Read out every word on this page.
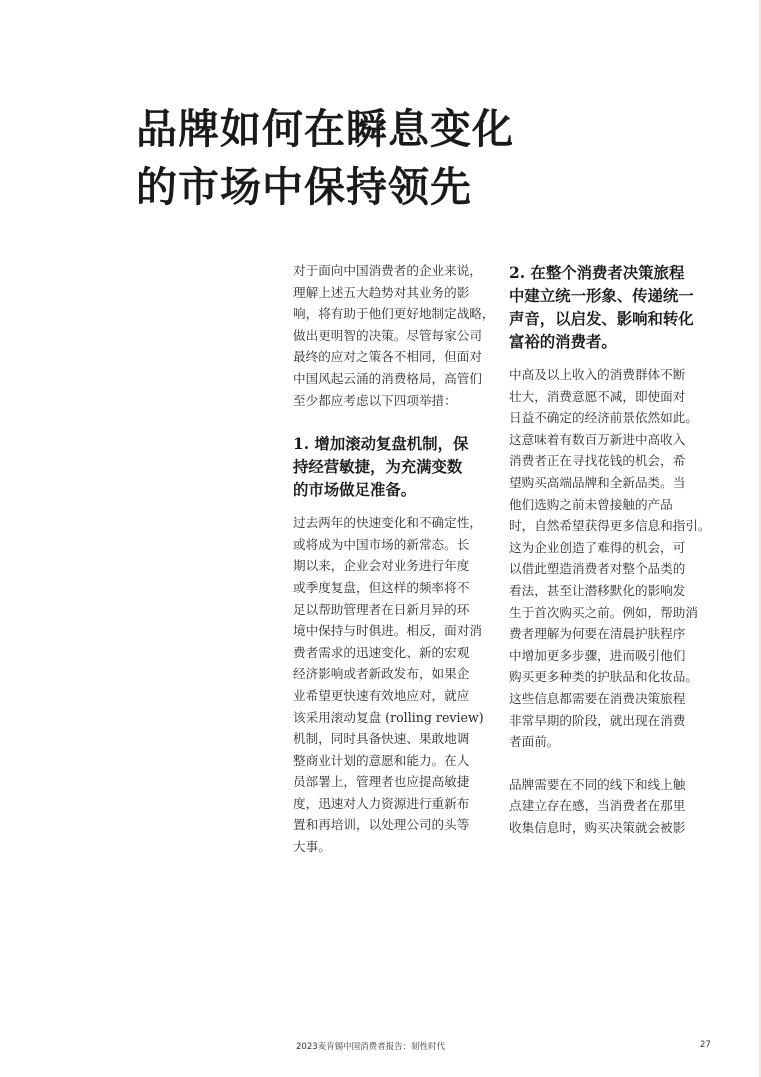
品牌如何在瞬息变化
的市场中保持领先

对于面向中国消费者的企业来说，
理解上述五大趋势对其业务的影
响，将有助于他们更好地制定战略，
做出更明智的决策。尽管每家公司
最终的应对之策各不相同，但面对
中国风起云涌的消费格局，高管们
至少都应考虑以下四项举措：

1. 增加滚动复盘机制，保
持经营敏捷，为充满变数
的市场做足准备。

过去两年的快速变化和不确定性，
或将成为中国市场的新常态。长
期以来，企业会对业务进行年度
或季度复盘，但这样的频率将不
足以帮助管理者在日新月异的环
境中保持与时俱进。相反，面对消
费者需求的迅速变化、新的宏观
经济影响或者新政发布，如果企
业希望更快速有效地应对，就应
该采用滚动复盘 (rolling review)
机制，同时具备快速、果敢地调
整商业计划的意愿和能力。在人
员部署上，管理者也应提高敏捷
度，迅速对人力资源进行重新布
置和再培训，以处理公司的头等
大事。

2. 在整个消费者决策旅程
中建立统一形象、传递统一
声音，以启发、影响和转化
富裕的消费者。

中高及以上收入的消费群体不断
壮大，消费意愿不减，即使面对
日益不确定的经济前景依然如此。
这意味着有数百万新进中高收入
消费者正在寻找花钱的机会，希
望购买高端品牌和全新品类。当
他们选购之前未曾接触的产品
时，自然希望获得更多信息和指引。
这为企业创造了难得的机会，可
以借此塑造消费者对整个品类的
看法，甚至让潜移默化的影响发
生于首次购买之前。例如，帮助消
费者理解为何要在清晨护肤程序
中增加更多步骤，进而吸引他们
购买更多种类的护肤品和化妆品。
这些信息都需要在消费决策旅程
非常早期的阶段，就出现在消费
者面前。

品牌需要在不同的线下和线上触
点建立存在感，当消费者在那里
收集信息时，购买决策就会被影

2023麦肯锡中国消费者报告：韧性时代	27
